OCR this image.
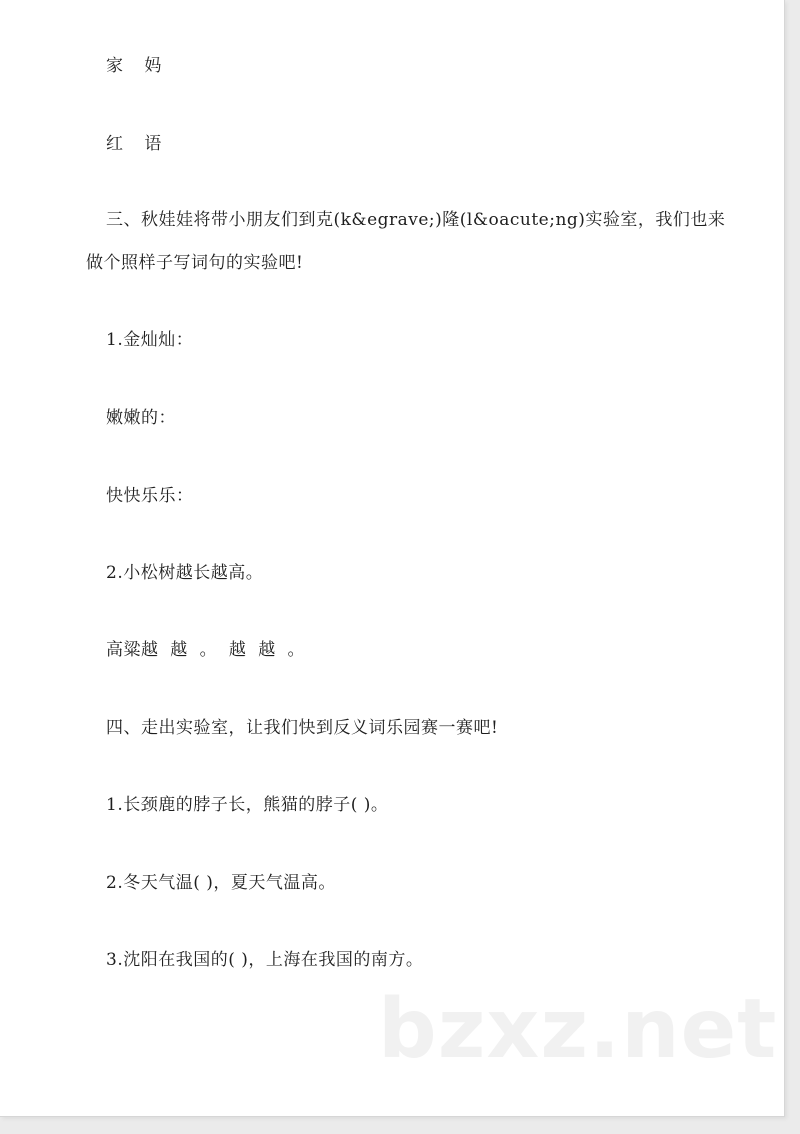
家 妈
红 语
三、秋娃娃将带小朋友们到克(k&egrave;)隆(l&oacute;ng)实验室，我们也来
做个照样子写词句的实验吧!
1.金灿灿：
嫩嫩的：
快快乐乐：
2.小松树越长越高。
高粱越  越  。  越  越  。
四、走出实验室，让我们快到反义词乐园赛一赛吧!
1.长颈鹿的脖子长，熊猫的脖子( )。
2.冬天气温( )，夏天气温高。
3.沈阳在我国的( )，上海在我国的南方。
bzxz.net
